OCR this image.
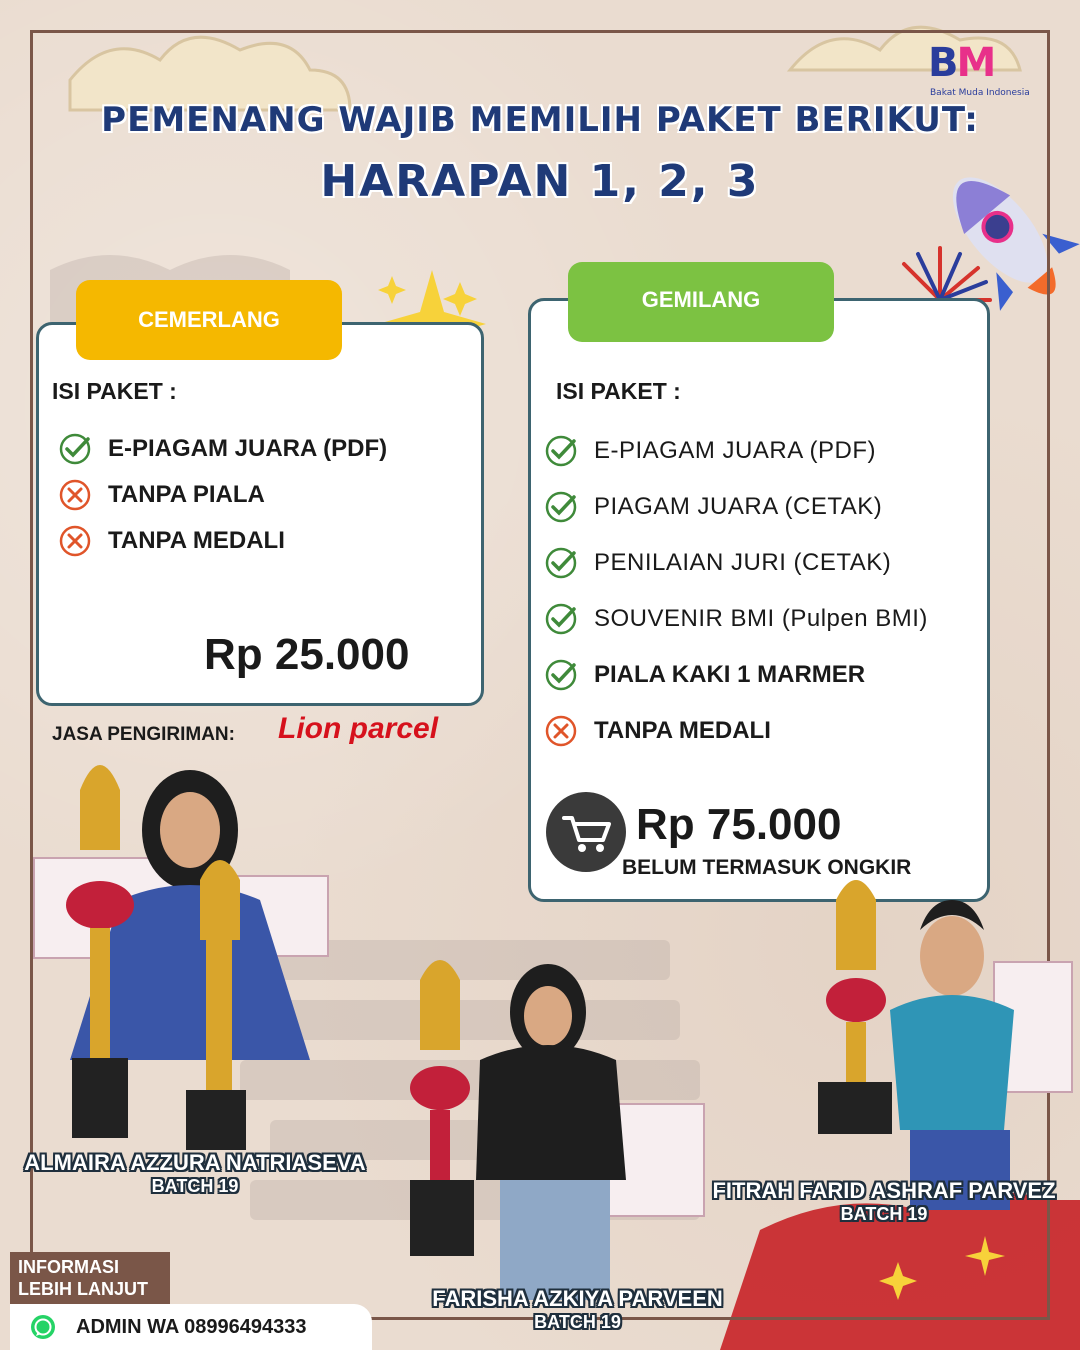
BM
Bakat Muda Indonesia
PEMENANG WAJIB MEMILIH PAKET BERIKUT:
HARAPAN 1, 2, 3
CEMERLANG
ISI PAKET :
E-PIAGAM JUARA (PDF)
TANPA PIALA
TANPA MEDALI
Rp 25.000
GEMILANG
ISI PAKET :
E-PIAGAM JUARA (PDF)
PIAGAM JUARA (CETAK)
PENILAIAN JURI (CETAK)
SOUVENIR BMI (Pulpen BMI)
PIALA KAKI 1 MARMER
TANPA MEDALI
Rp 75.000
BELUM TERMASUK ONGKIR
JASA PENGIRIMAN: Lion parcel
ALMAIRA AZZURA NATRIASEVA
BATCH 19
FARISHA AZKIYA PARVEEN
BATCH 19
FITRAH FARID ASHRAF PARVEZ
BATCH 19
INFORMASI
LEBIH LANJUT
ADMIN WA 08996494333
